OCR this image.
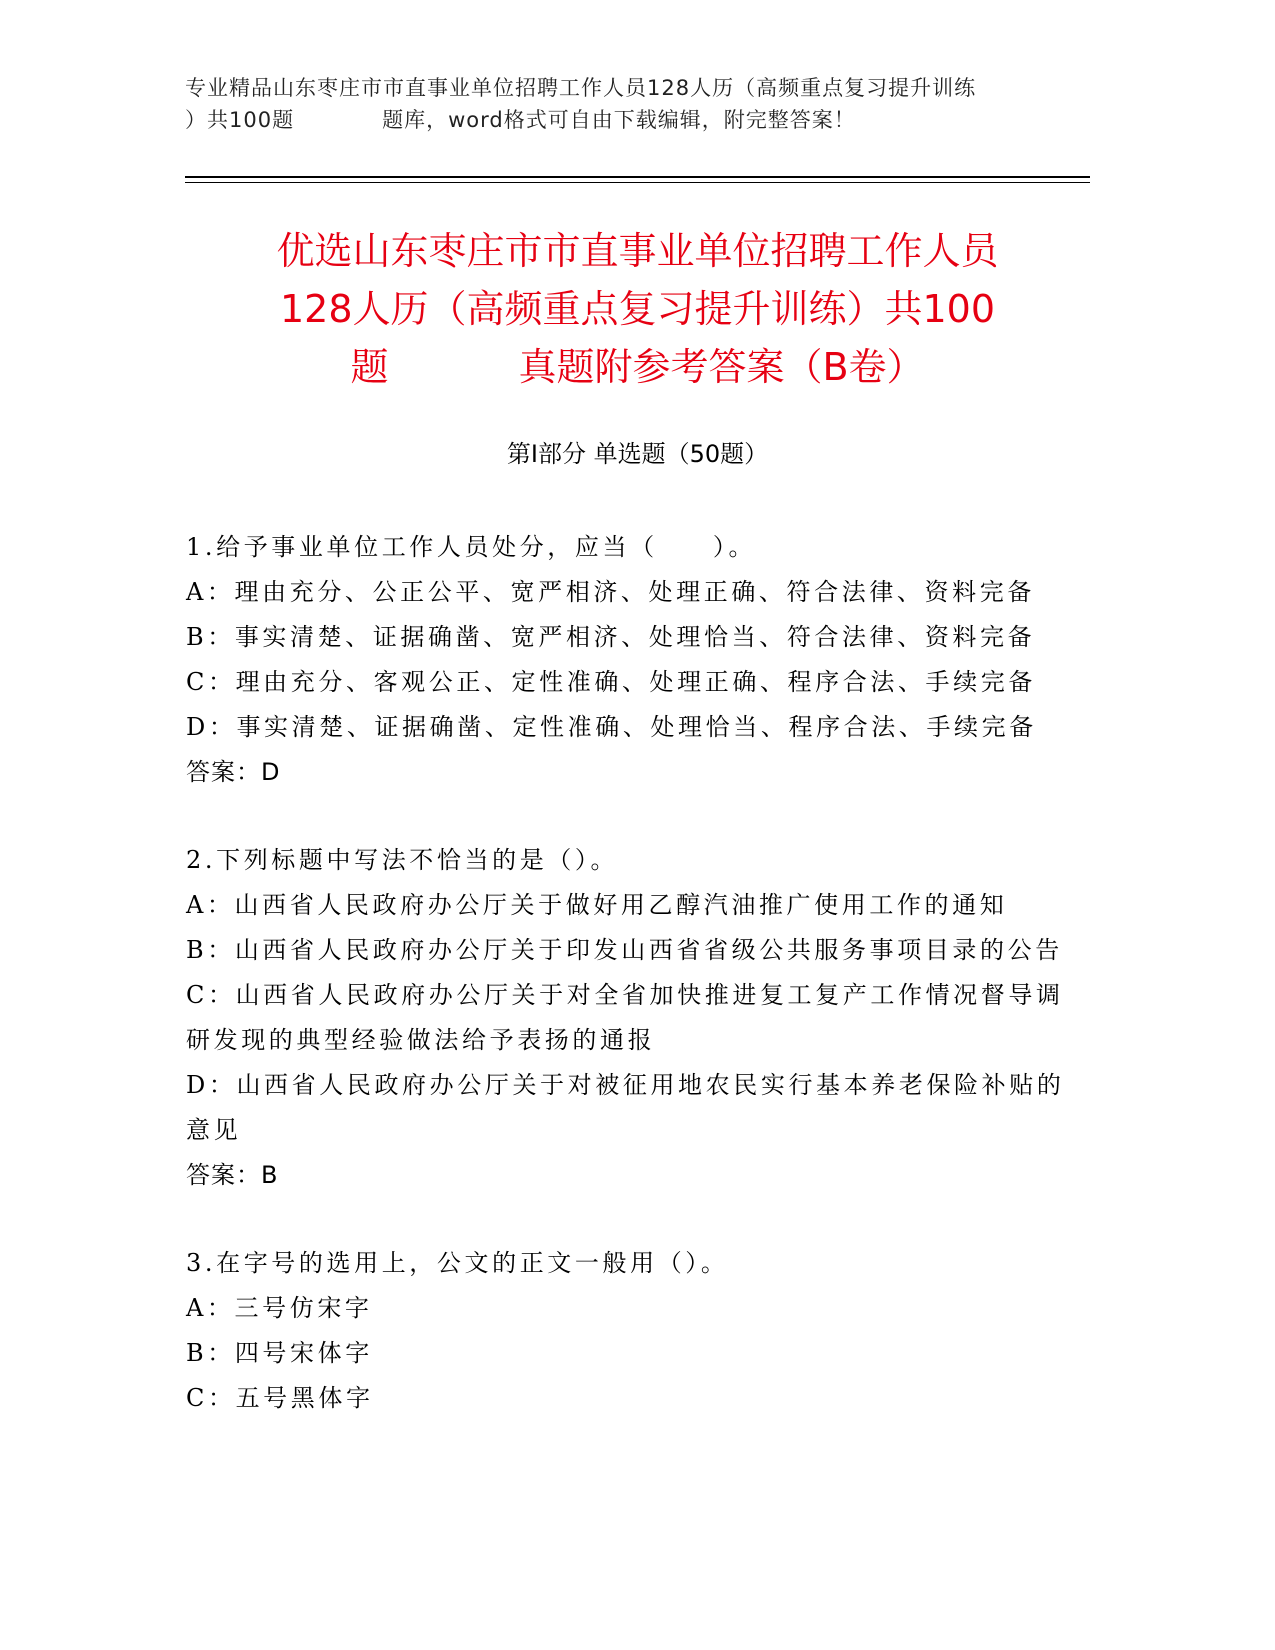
专业精品山东枣庄市市直事业单位招聘工作人员128人历（高频重点复习提升训练
）共100题　　　　题库，word格式可自由下载编辑，附完整答案！
优选山东枣庄市市直事业单位招聘工作人员
128人历（高频重点复习提升训练）共100
题	真题附参考答案（B卷）
第Ⅰ部分 单选题（50题）
1.给予事业单位工作人员处分，应当（　　）。
A：理由充分、公正公平、宽严相济、处理正确、符合法律、资料完备
B：事实清楚、证据确凿、宽严相济、处理恰当、符合法律、资料完备
C：理由充分、客观公正、定性准确、处理正确、程序合法、手续完备
D：事实清楚、证据确凿、定性准确、处理恰当、程序合法、手续完备
答案：D
2.下列标题中写法不恰当的是（）。
A：山西省人民政府办公厅关于做好用乙醇汽油推广使用工作的通知
B：山西省人民政府办公厅关于印发山西省省级公共服务事项目录的公告
C：山西省人民政府办公厅关于对全省加快推进复工复产工作情况督导调研发现的典型经验做法给予表扬的通报
D：山西省人民政府办公厅关于对被征用地农民实行基本养老保险补贴的意见
答案：B
3.在字号的选用上，公文的正文一般用（）。
A：三号仿宋字
B：四号宋体字
C：五号黑体字
